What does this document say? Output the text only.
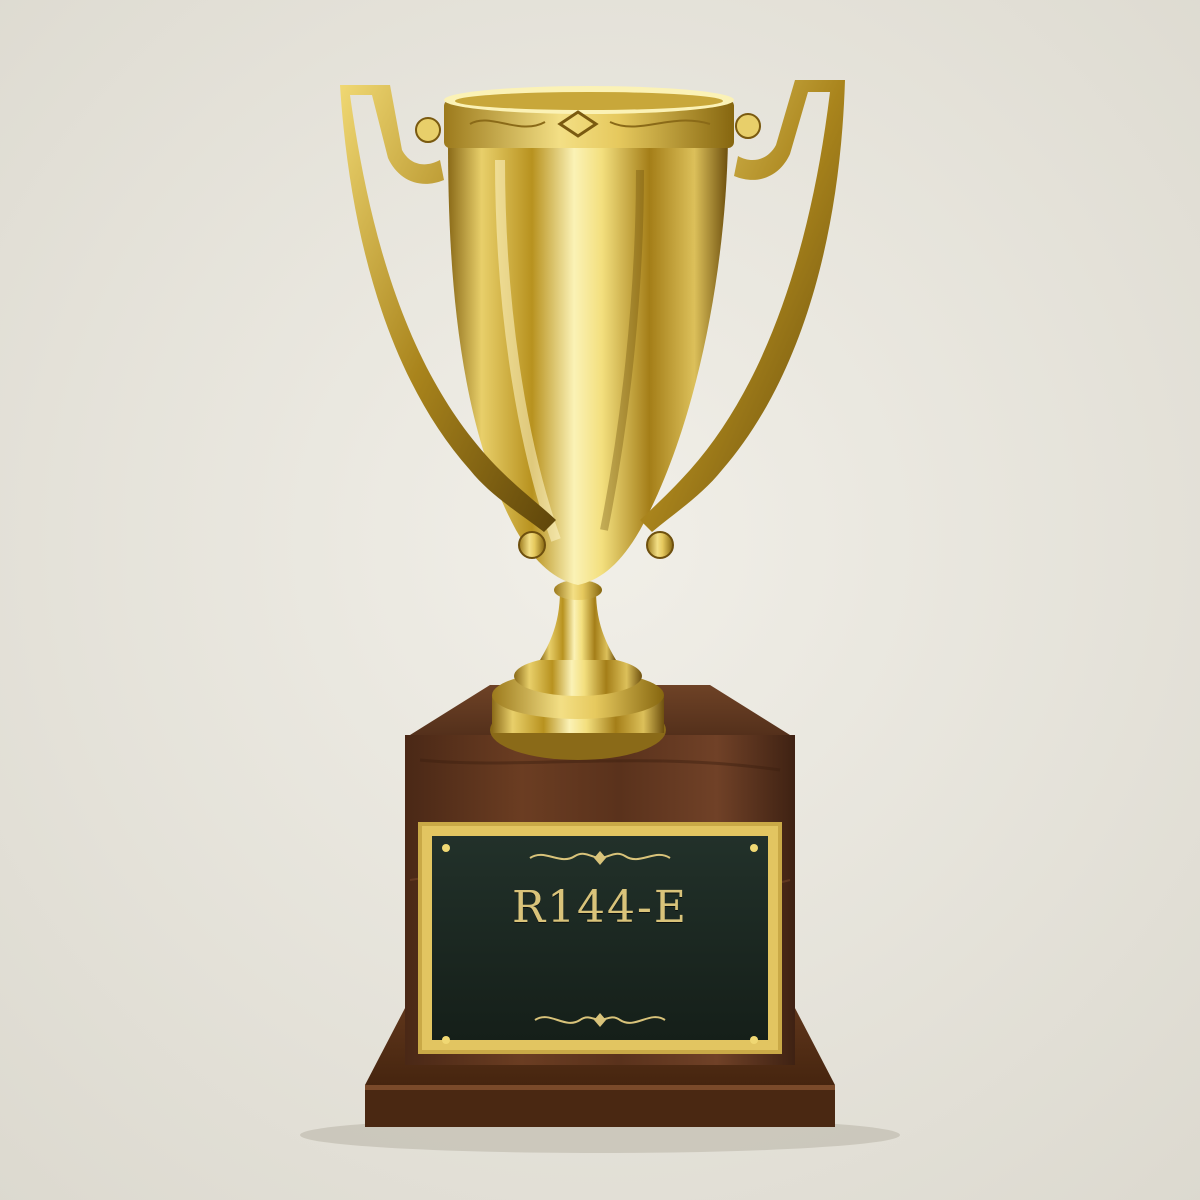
R144-E
